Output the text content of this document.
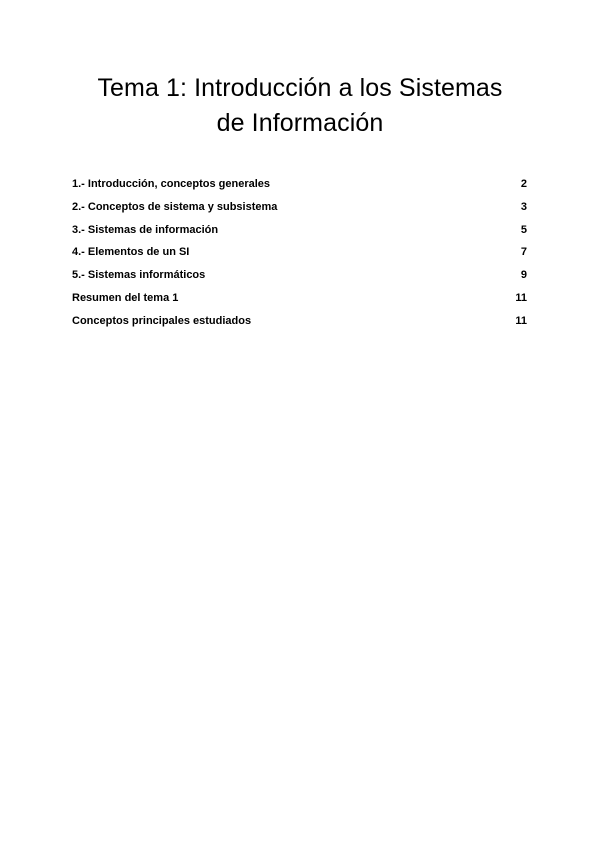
Tema 1: Introducción a los Sistemas
de Información
1.- Introducción, conceptos generales	2
2.- Conceptos de sistema y subsistema	3
3.- Sistemas de información	5
4.- Elementos de un SI	7
5.- Sistemas informáticos	9
Resumen del tema 1	11
Conceptos principales estudiados	11
